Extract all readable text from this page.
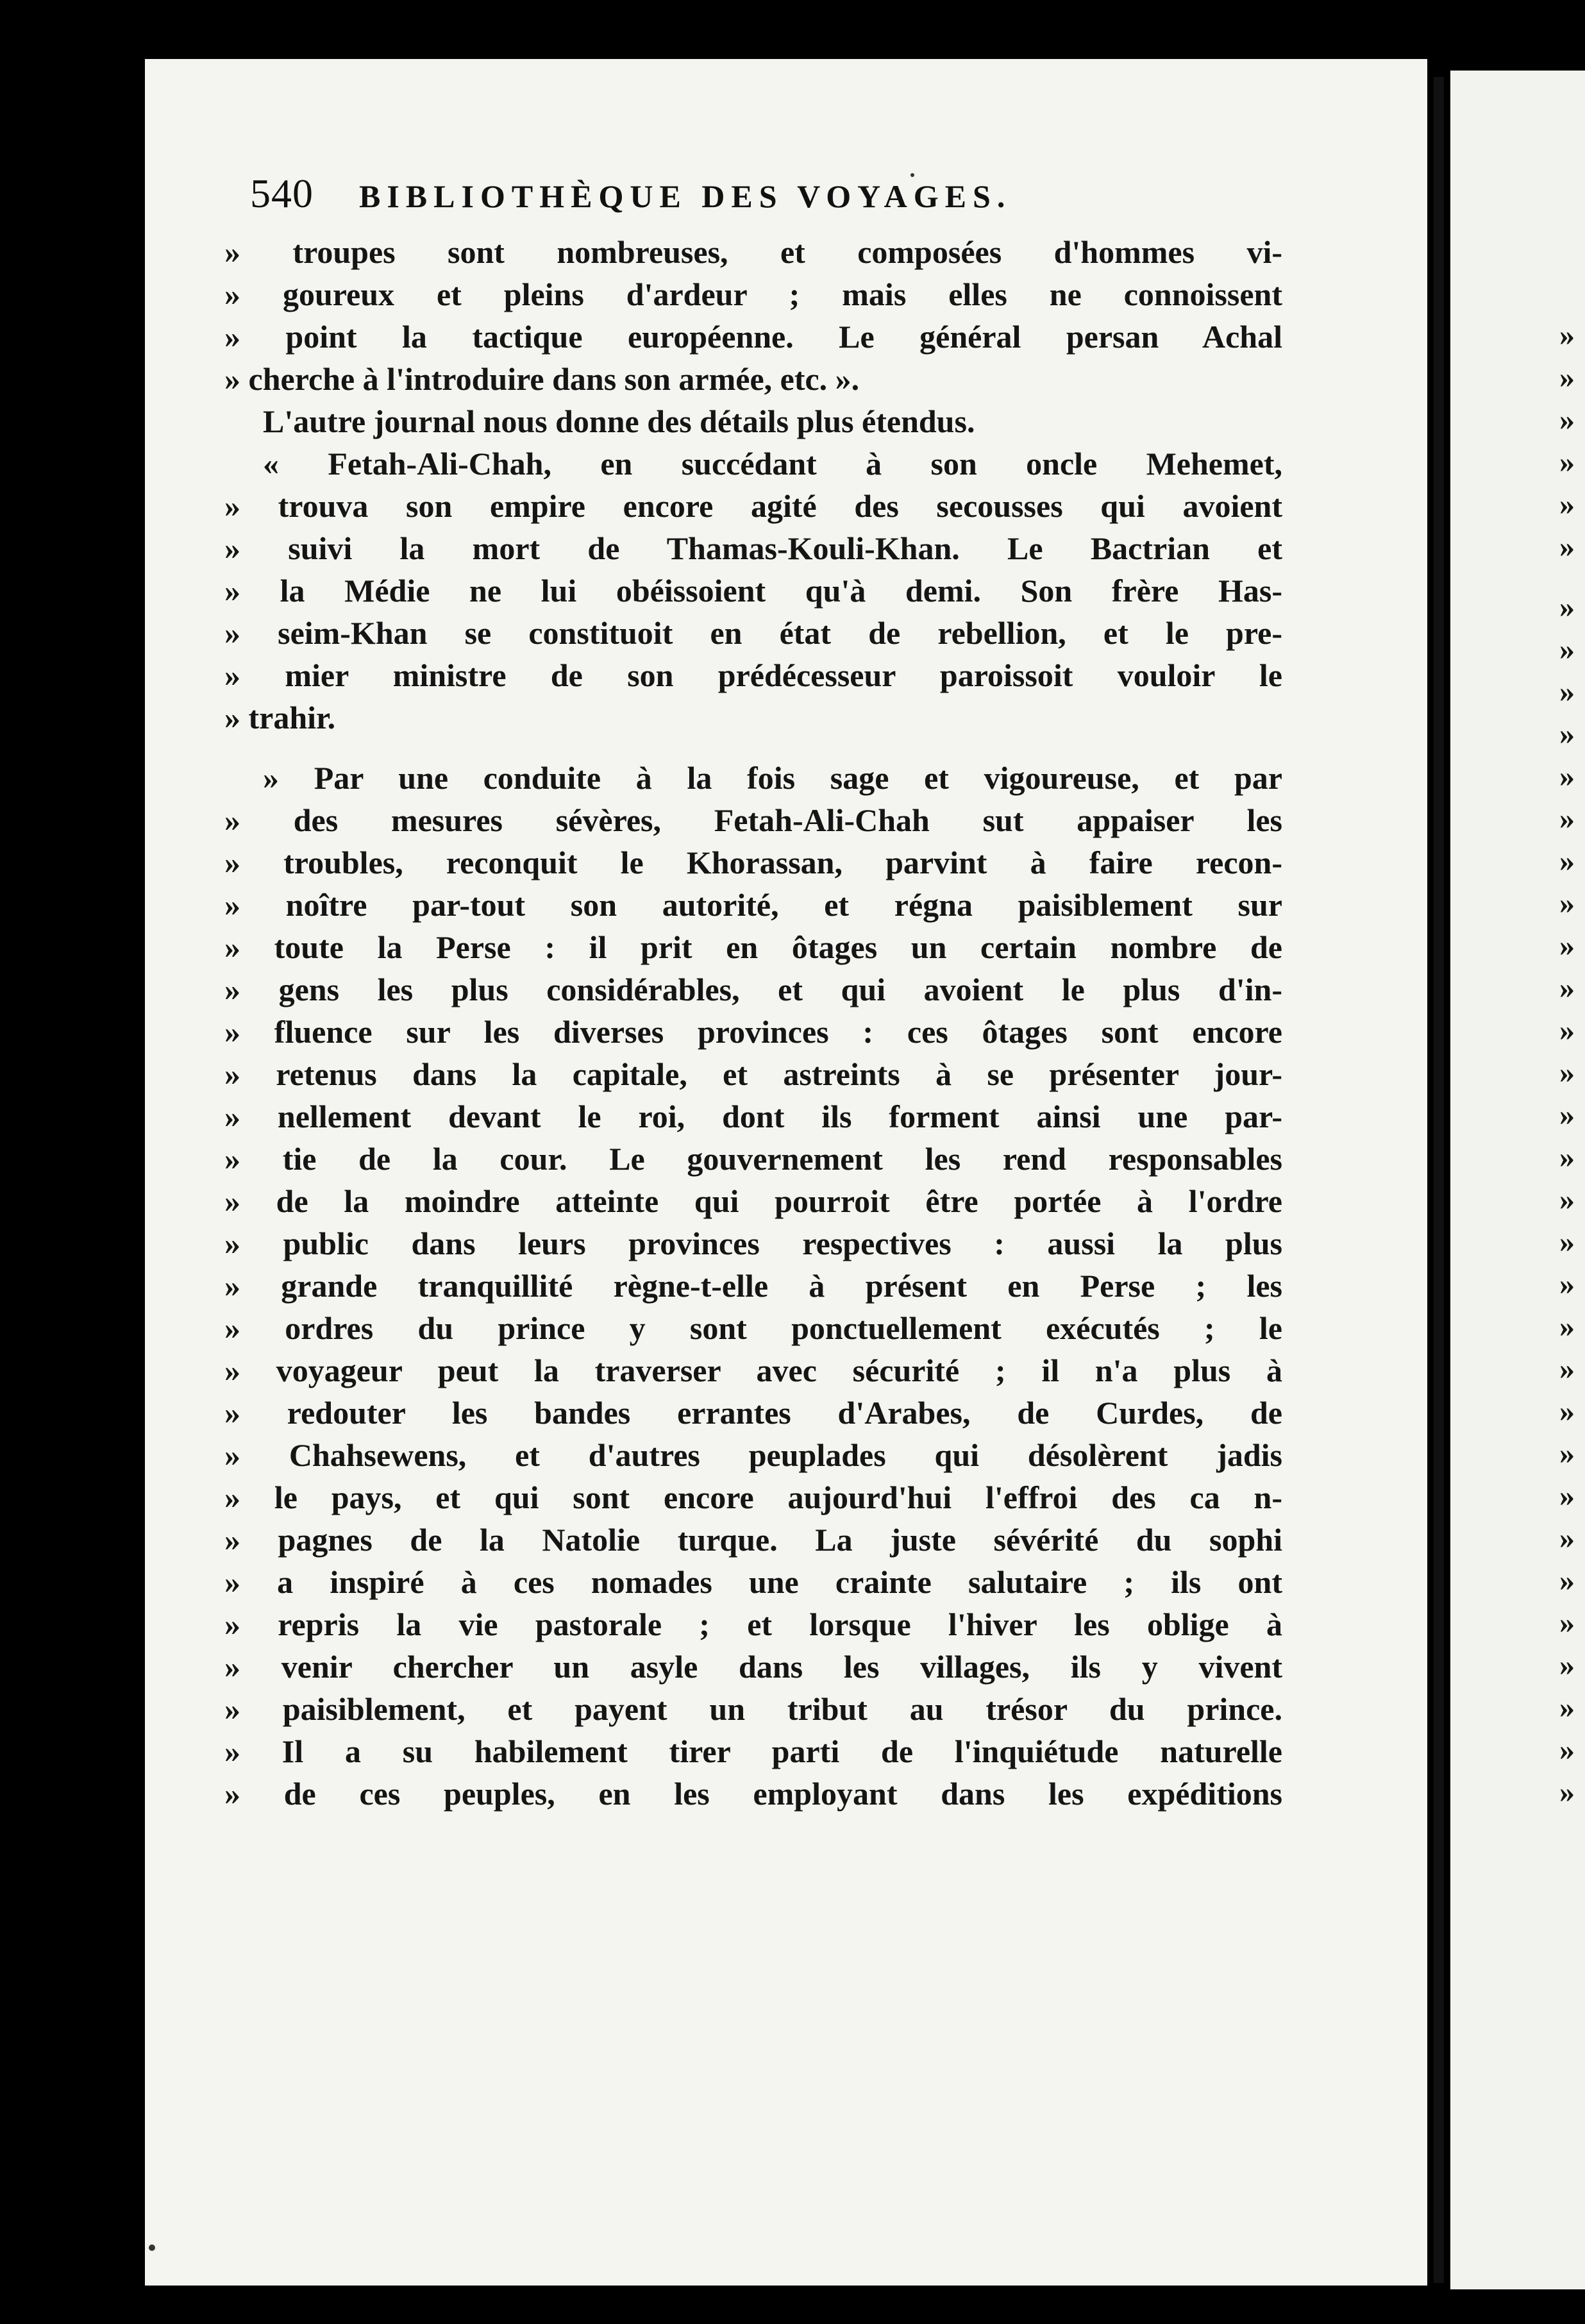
»
»
»
»
»
»
»
»
»
»
»
»
»
»
»
»
»
»
»
»
»
»
»
»
»
»
»
»
»
»
»
»
»
»
»
540 BIBLIOTHÈQUE DES VOYAGES.
» troupes sont nombreuses, et composées d'hommes vi-
» goureux et pleins d'ardeur ; mais elles ne connoissent
» point la tactique européenne. Le général persan Achal
» cherche à l'introduire dans son armée, etc. ».
L'autre journal nous donne des détails plus étendus.
« Fetah-Ali-Chah, en succédant à son oncle Mehemet,
» trouva son empire encore agité des secousses qui avoient
» suivi la mort de Thamas-Kouli-Khan. Le Bactrian et
» la Médie ne lui obéissoient qu'à demi. Son frère Has-
» seim-Khan se constituoit en état de rebellion, et le pre-
» mier ministre de son prédécesseur paroissoit vouloir le
» trahir.
» Par une conduite à la fois sage et vigoureuse, et par
» des mesures sévères, Fetah-Ali-Chah sut appaiser les
» troubles, reconquit le Khorassan, parvint à faire recon-
» noître par-tout son autorité, et régna paisiblement sur
» toute la Perse : il prit en ôtages un certain nombre de
» gens les plus considérables, et qui avoient le plus d'in-
» fluence sur les diverses provinces : ces ôtages sont encore
» retenus dans la capitale, et astreints à se présenter jour-
» nellement devant le roi, dont ils forment ainsi une par-
» tie de la cour. Le gouvernement les rend responsables
» de la moindre atteinte qui pourroit être portée à l'ordre
» public dans leurs provinces respectives : aussi la plus
» grande tranquillité règne-t-elle à présent en Perse ; les
» ordres du prince y sont ponctuellement exécutés ; le
» voyageur peut la traverser avec sécurité ; il n'a plus à
» redouter les bandes errantes d'Arabes, de Curdes, de
» Chahsewens, et d'autres peuplades qui désolèrent jadis
» le pays, et qui sont encore aujourd'hui l'effroi des ca n-
» pagnes de la Natolie turque. La juste sévérité du sophi
» a inspiré à ces nomades une crainte salutaire ; ils ont
» repris la vie pastorale ; et lorsque l'hiver les oblige à
» venir chercher un asyle dans les villages, ils y vivent
» paisiblement, et payent un tribut au trésor du prince.
» Il a su habilement tirer parti de l'inquiétude naturelle
» de ces peuples, en les employant dans les expéditions
